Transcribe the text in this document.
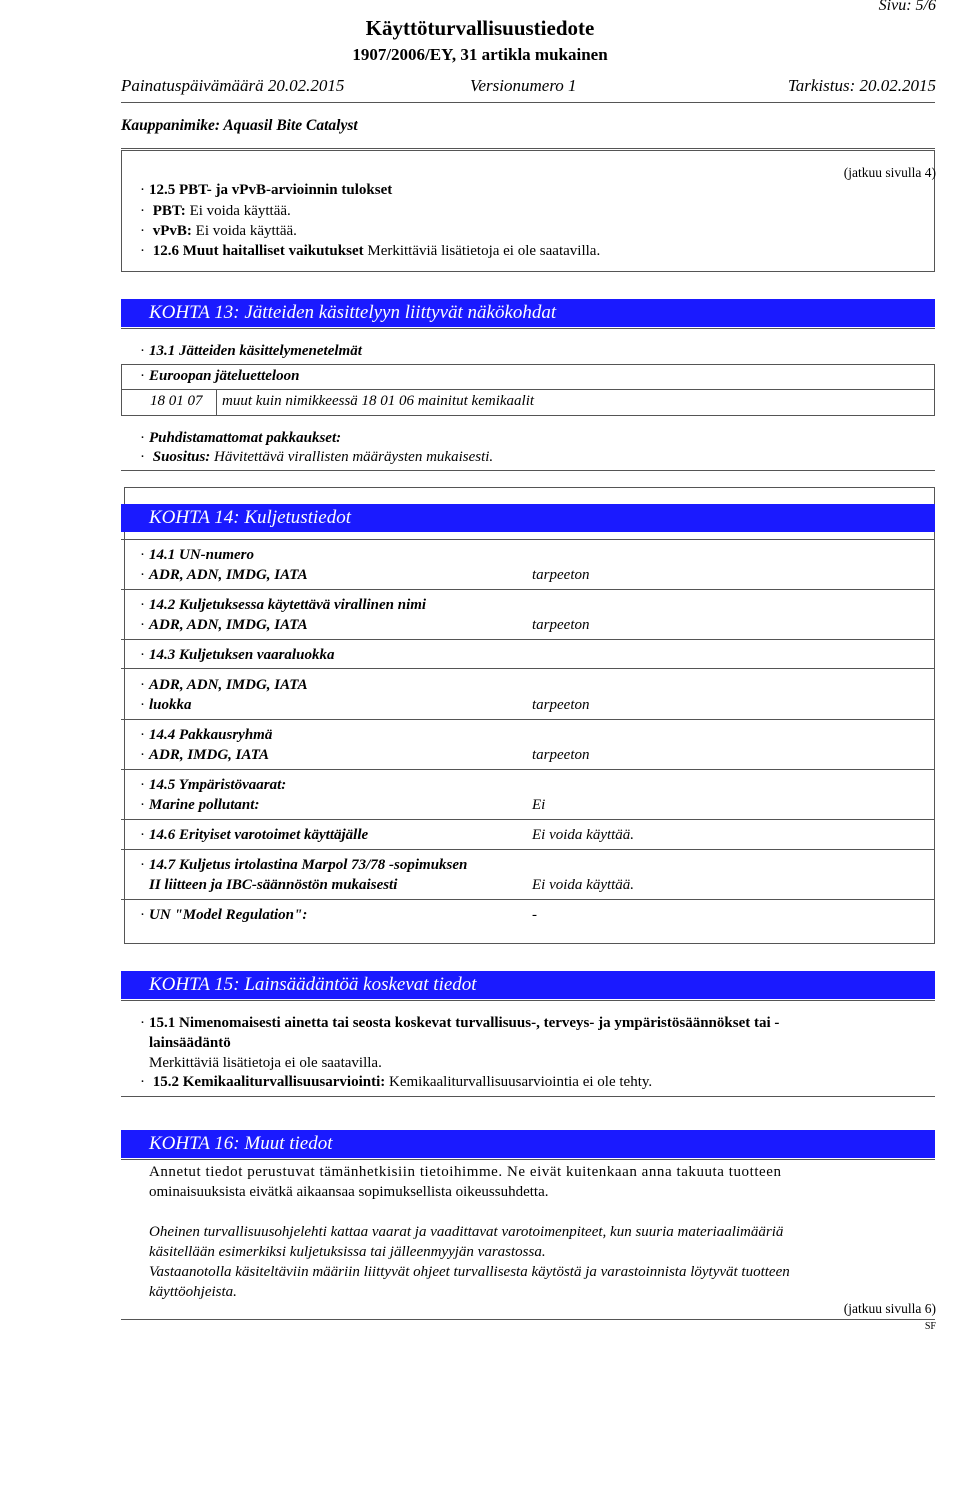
Sivu: 5/6
Käyttöturvallisuustiedote
1907/2006/EY, 31 artikla mukainen
Painatuspäivämäärä 20.02.2015	Versionumero 1	Tarkistus: 20.02.2015
Kauppanimike: Aquasil Bite Catalyst
(jatkuu sivulla 4)
· 12.5 PBT- ja vPvB-arvioinnin tulokset
· PBT: Ei voida käyttää.
· vPvB: Ei voida käyttää.
· 12.6 Muut haitalliset vaikutukset Merkittäviä lisätietoja ei ole saatavilla.
KOHTA 13: Jätteiden käsittelyyn liittyvät näkökohdat
· 13.1 Jätteiden käsittelymenetelmät
· Euroopan jäteluetteloon
18 01 07 muut kuin nimikkeessä 18 01 06 mainitut kemikaalit
· Puhdistamattomat pakkaukset:
· Suositus: Hävitettävä virallisten määräysten mukaisesti.
KOHTA 14: Kuljetustiedot
· 14.1 UN-numero
· ADR, ADN, IMDG, IATA	tarpeeton
· 14.2 Kuljetuksessa käytettävä virallinen nimi
· ADR, ADN, IMDG, IATA	tarpeeton
· 14.3 Kuljetuksen vaaraluokka
· ADR, ADN, IMDG, IATA
· luokka	tarpeeton
· 14.4 Pakkausryhmä
· ADR, IMDG, IATA	tarpeeton
· 14.5 Ympäristövaarat:
· Marine pollutant:	Ei
· 14.6 Erityiset varotoimet käyttäjälle	Ei voida käyttää.
· 14.7 Kuljetus irtolastina Marpol 73/78 -sopimuksen
II liitteen ja IBC-säännöstön mukaisesti	Ei voida käyttää.
· UN "Model Regulation":	-
KOHTA 15: Lainsäädäntöä koskevat tiedot
· 15.1 Nimenomaisesti ainetta tai seosta koskevat turvallisuus-, terveys- ja ympäristösäännökset tai -
lainsäädäntö
Merkittäviä lisätietoja ei ole saatavilla.
· 15.2 Kemikaaliturvallisuusarviointi: Kemikaaliturvallisuusarviointia ei ole tehty.
KOHTA 16: Muut tiedot
Annetut tiedot perustuvat tämänhetkisiin tietoihimme. Ne eivät kuitenkaan anna takuuta tuotteen
ominaisuuksista eivätkä aikaansaa sopimuksellista oikeussuhdetta.
Oheinen turvallisuusohjelehti kattaa vaarat ja vaadittavat varotoimenpiteet, kun suuria materiaalimääriä
käsitellään esimerkiksi kuljetuksissa tai jälleenmyyjän varastossa.
Vastaanotolla käsiteltäviin määriin liittyvät ohjeet turvallisesta käytöstä ja varastoinnista löytyvät tuotteen
käyttöohjeista.
(jatkuu sivulla 6)
SF
